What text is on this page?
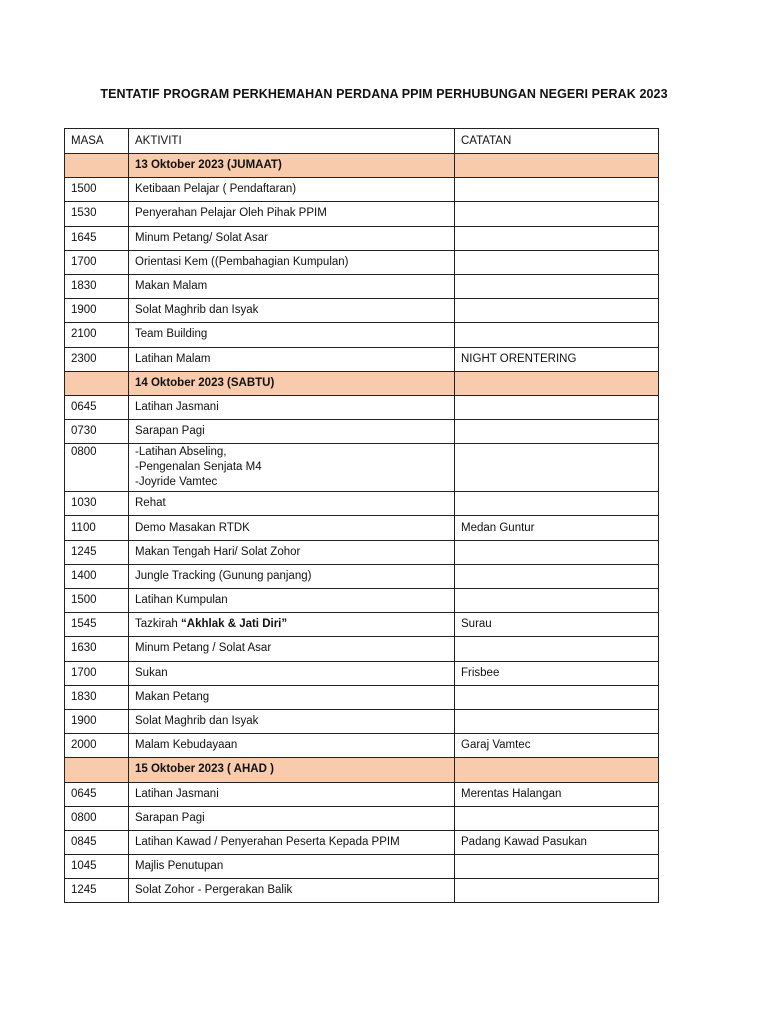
TENTATIF PROGRAM PERKHEMAHAN PERDANA PPIM PERHUBUNGAN NEGERI PERAK 2023
MASA	AKTIVITI	CATATAN
	13 Oktober 2023 (JUMAAT)	
1500	Ketibaan Pelajar ( Pendaftaran)	
1530	Penyerahan Pelajar Oleh Pihak PPIM	
1645	Minum Petang/ Solat Asar	
1700	Orientasi Kem ((Pembahagian Kumpulan)	
1830	Makan Malam	
1900	Solat Maghrib dan Isyak	
2100	Team Building	
2300	Latihan Malam	NIGHT ORENTERING
	14 Oktober 2023 (SABTU)	
0645	Latihan Jasmani	
0730	Sarapan Pagi	
0800	-Latihan Abseling,
-Pengenalan Senjata M4
-Joyride Vamtec	

1030	Rehat	
1100	Demo Masakan RTDK	Medan Guntur
1245	Makan Tengah Hari/ Solat Zohor	
1400	Jungle Tracking (Gunung panjang)	
1500	Latihan Kumpulan	
1545	Tazkirah “Akhlak & Jati Diri”	Surau
1630	Minum Petang / Solat Asar	
1700	Sukan	Frisbee
1830	Makan Petang	
1900	Solat Maghrib dan Isyak	
2000	Malam Kebudayaan	Garaj Vamtec
	15 Oktober 2023 ( AHAD )	
0645	Latihan Jasmani	Merentas Halangan
0800	Sarapan Pagi	
0845	Latihan Kawad / Penyerahan Peserta Kepada PPIM	Padang Kawad Pasukan
1045	Majlis Penutupan	
1245	Solat Zohor - Pergerakan Balik	
